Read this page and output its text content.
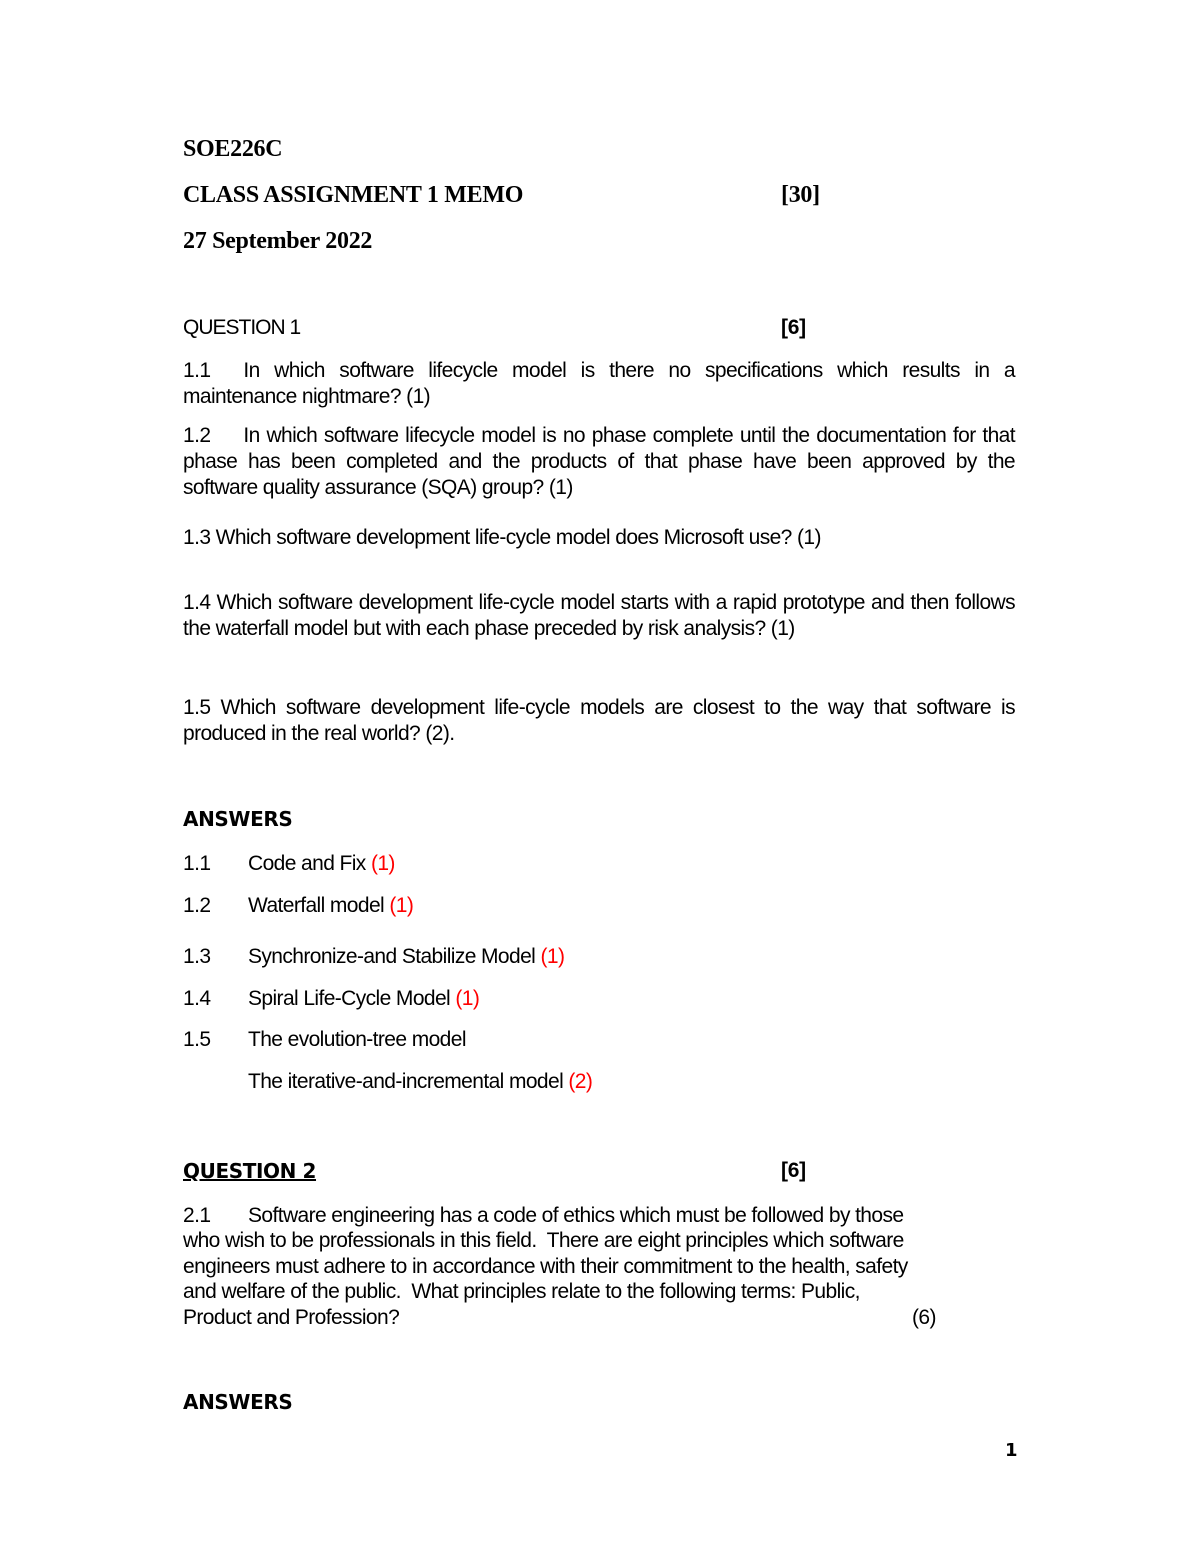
SOE226C
CLASS ASSIGNMENT 1 MEMO	[30]
27 September 2022
QUESTION 1	[6]
1.1 In which software lifecycle model is there no specifications which results in a maintenance nightmare? (1)
1.2 In which software lifecycle model is no phase complete until the documentation for that phase has been completed and the products of that phase have been approved by the software quality assurance (SQA) group? (1)
1.3 Which software development life-cycle model does Microsoft use? (1)
1.4 Which software development life-cycle model starts with a rapid prototype and then follows the waterfall model but with each phase preceded by risk analysis? (1)
1.5 Which software development life-cycle models are closest to the way that software is produced in the real world? (2).
ANSWERS
1.1 Code and Fix (1)
1.2 Waterfall model (1)
1.3 Synchronize-and Stabilize Model (1)
1.4 Spiral Life-Cycle Model (1)
1.5 The evolution-tree model
The iterative-and-incremental model (2)
QUESTION 2	[6]
2.1 Software engineering has a code of ethics which must be followed by those
who wish to be professionals in this field.  There are eight principles which software
engineers must adhere to in accordance with their commitment to the health, safety
and welfare of the public.  What principles relate to the following terms: Public,
Product and Profession?	(6)
ANSWERS
1
